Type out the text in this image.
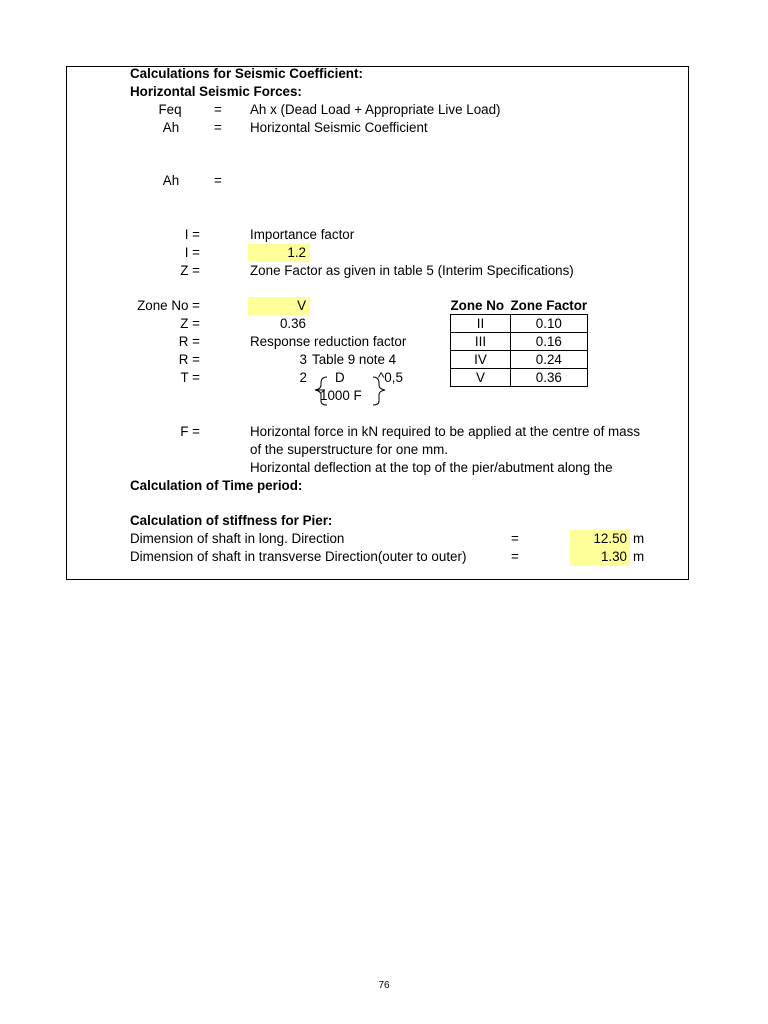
Calculations for Seismic Coefficient:
Horizontal Seismic Forces:
Feq	= Ah x (Dead Load + Appropriate Live Load)
Ah	= Horizontal Seismic Coefficient
Ah	=
I =	Importance factor
I =	1.2
Z =	Zone Factor as given in table 5 (Interim Specifications)
Zone No =	V
Z =	0.36
R =	Response reduction factor
R =	3 Table 9 note 4
T =	2 D ^0,5
1000 F
Zone No	Zone Factor
II	0.10
III	0.16
IV	0.24
V	0.36
F =	Horizontal force in kN required to be applied at the centre of mass
of the superstructure for one mm.
Horizontal deflection at the top of the pier/abutment along the
Calculation of Time period:
Calculation of stiffness for Pier:
Dimension of shaft in long. Direction	=	12.50 m
Dimension of shaft in transverse Direction(outer to outer)	=	1.30 m
76
